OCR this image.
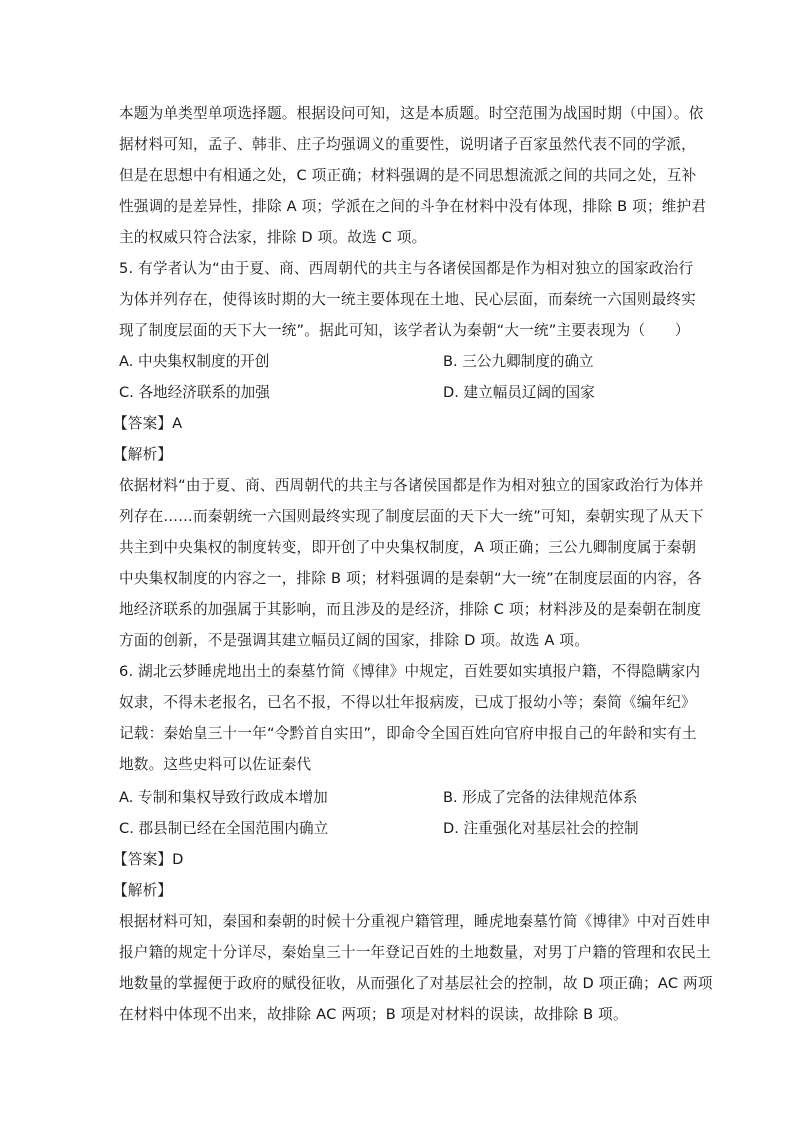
本题为单类型单项选择题。根据设问可知，这是本质题。时空范围为战国时期（中国）。依
据材料可知，孟子、韩非、庄子均强调义的重要性，说明诸子百家虽然代表不同的学派，
但是在思想中有相通之处，C 项正确；材料强调的是不同思想流派之间的共同之处，互补
性强调的是差异性，排除 A 项；学派在之间的斗争在材料中没有体现，排除 B 项；维护君
主的权威只符合法家，排除 D 项。故选 C 项。
5. 有学者认为“由于夏、商、西周朝代的共主与各诸侯国都是作为相对独立的国家政治行
为体并列存在，使得该时期的大一统主要体现在土地、民心层面，而秦统一六国则最终实
现了制度层面的天下大一统”。据此可知，该学者认为秦朝“大一统”主要表现为（　　）
A. 中央集权制度的开创	B. 三公九卿制度的确立
C. 各地经济联系的加强	D. 建立幅员辽阔的国家
【答案】A
【解析】
依据材料“由于夏、商、西周朝代的共主与各诸侯国都是作为相对独立的国家政治行为体并
列存在……而秦朝统一六国则最终实现了制度层面的天下大一统”可知，秦朝实现了从天下
共主到中央集权的制度转变，即开创了中央集权制度，A 项正确；三公九卿制度属于秦朝
中央集权制度的内容之一，排除 B 项；材料强调的是秦朝“大一统”在制度层面的内容，各
地经济联系的加强属于其影响，而且涉及的是经济，排除 C 项；材料涉及的是秦朝在制度
方面的创新，不是强调其建立幅员辽阔的国家，排除 D 项。故选 A 项。
6. 湖北云梦睡虎地出土的秦墓竹简《博律》中规定，百姓要如实填报户籍，不得隐瞒家内
奴隶，不得未老报名，已名不报，不得以壮年报病废，已成丁报幼小等；秦简《编年纪》
记载：秦始皇三十一年“令黔首自实田”，即命令全国百姓向官府申报自己的年龄和实有土
地数。这些史料可以佐证秦代
A. 专制和集权导致行政成本增加	B. 形成了完备的法律规范体系
C. 郡县制已经在全国范围内确立	D. 注重强化对基层社会的控制
【答案】D
【解析】
根据材料可知，秦国和秦朝的时候十分重视户籍管理，睡虎地秦墓竹简《博律》中对百姓申
报户籍的规定十分详尽，秦始皇三十一年登记百姓的土地数量，对男丁户籍的管理和农民土
地数量的掌握便于政府的赋役征收，从而强化了对基层社会的控制，故 D 项正确；AC 两项
在材料中体现不出来，故排除 AC 两项；B 项是对材料的误读，故排除 B 项。
